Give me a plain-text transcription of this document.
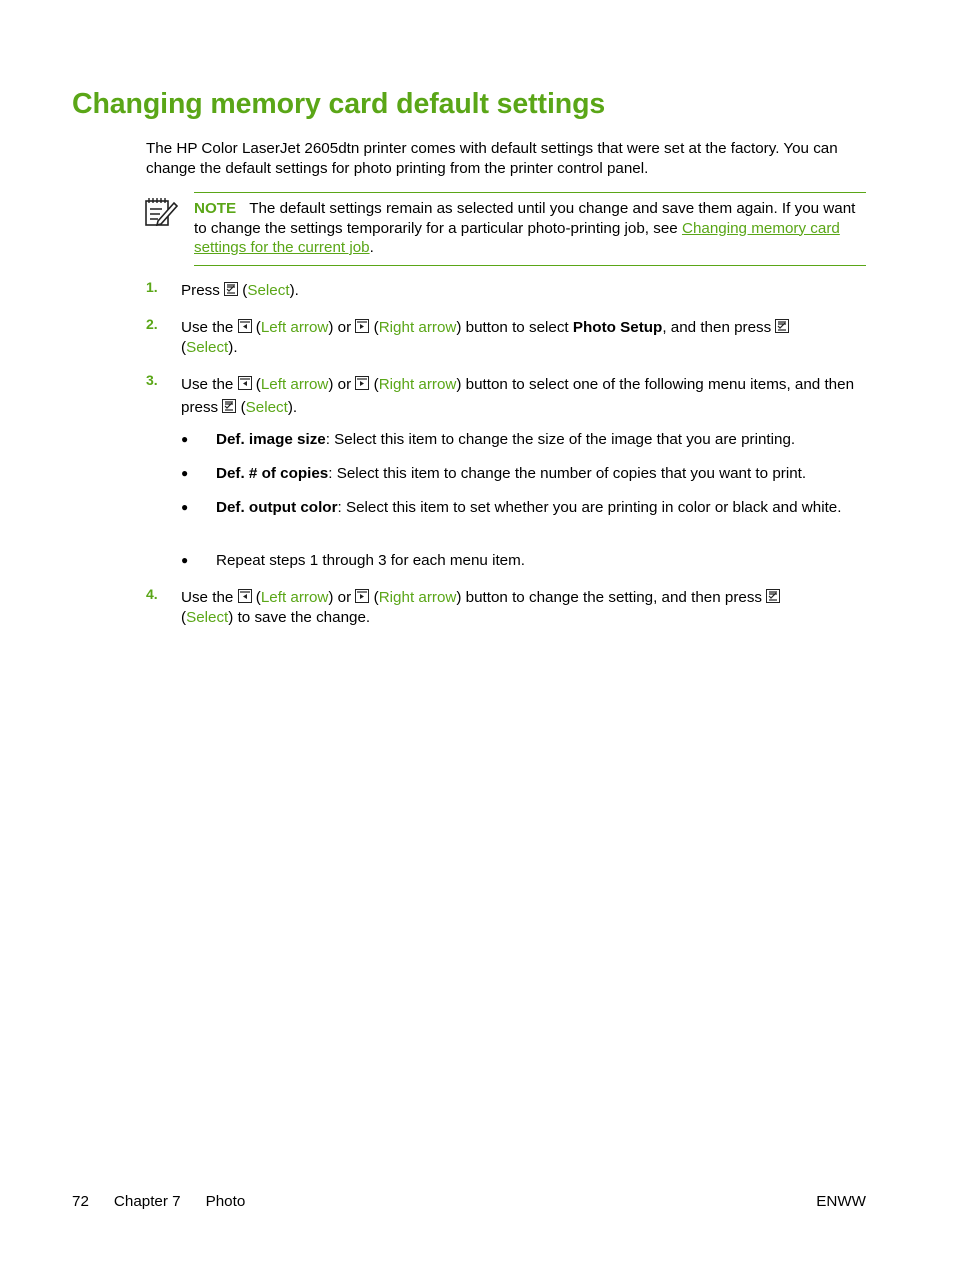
Changing memory card default settings

The HP Color LaserJet 2605dtn printer comes with default settings that were set at the factory. You can change the default settings for photo printing from the printer control panel.

NOTE The default settings remain as selected until you change and save them again. If you want to change the settings temporarily for a particular photo-printing job, see Changing memory card settings for the current job.
1. Press
(Select).
2. Use the
(Left arrow) or
(Right arrow) button to select Photo Setup, and then press

(Select).
3. Use the
(Left arrow) or
(Right arrow) button to select one of the following menu items, and then press
(Select).
● Def. image size: Select this item to change the size of the image that you are printing.
● Def. # of copies: Select this item to change the number of copies that you want to print.
● Def. output color: Select this item to set whether you are printing in color or black and white.
● Repeat steps 1 through 3 for each menu item.
4. Use the
(Left arrow) or
(Right arrow) button to change the setting, and then press

(Select) to save the change.
72 Chapter 7 Photo	ENWW
